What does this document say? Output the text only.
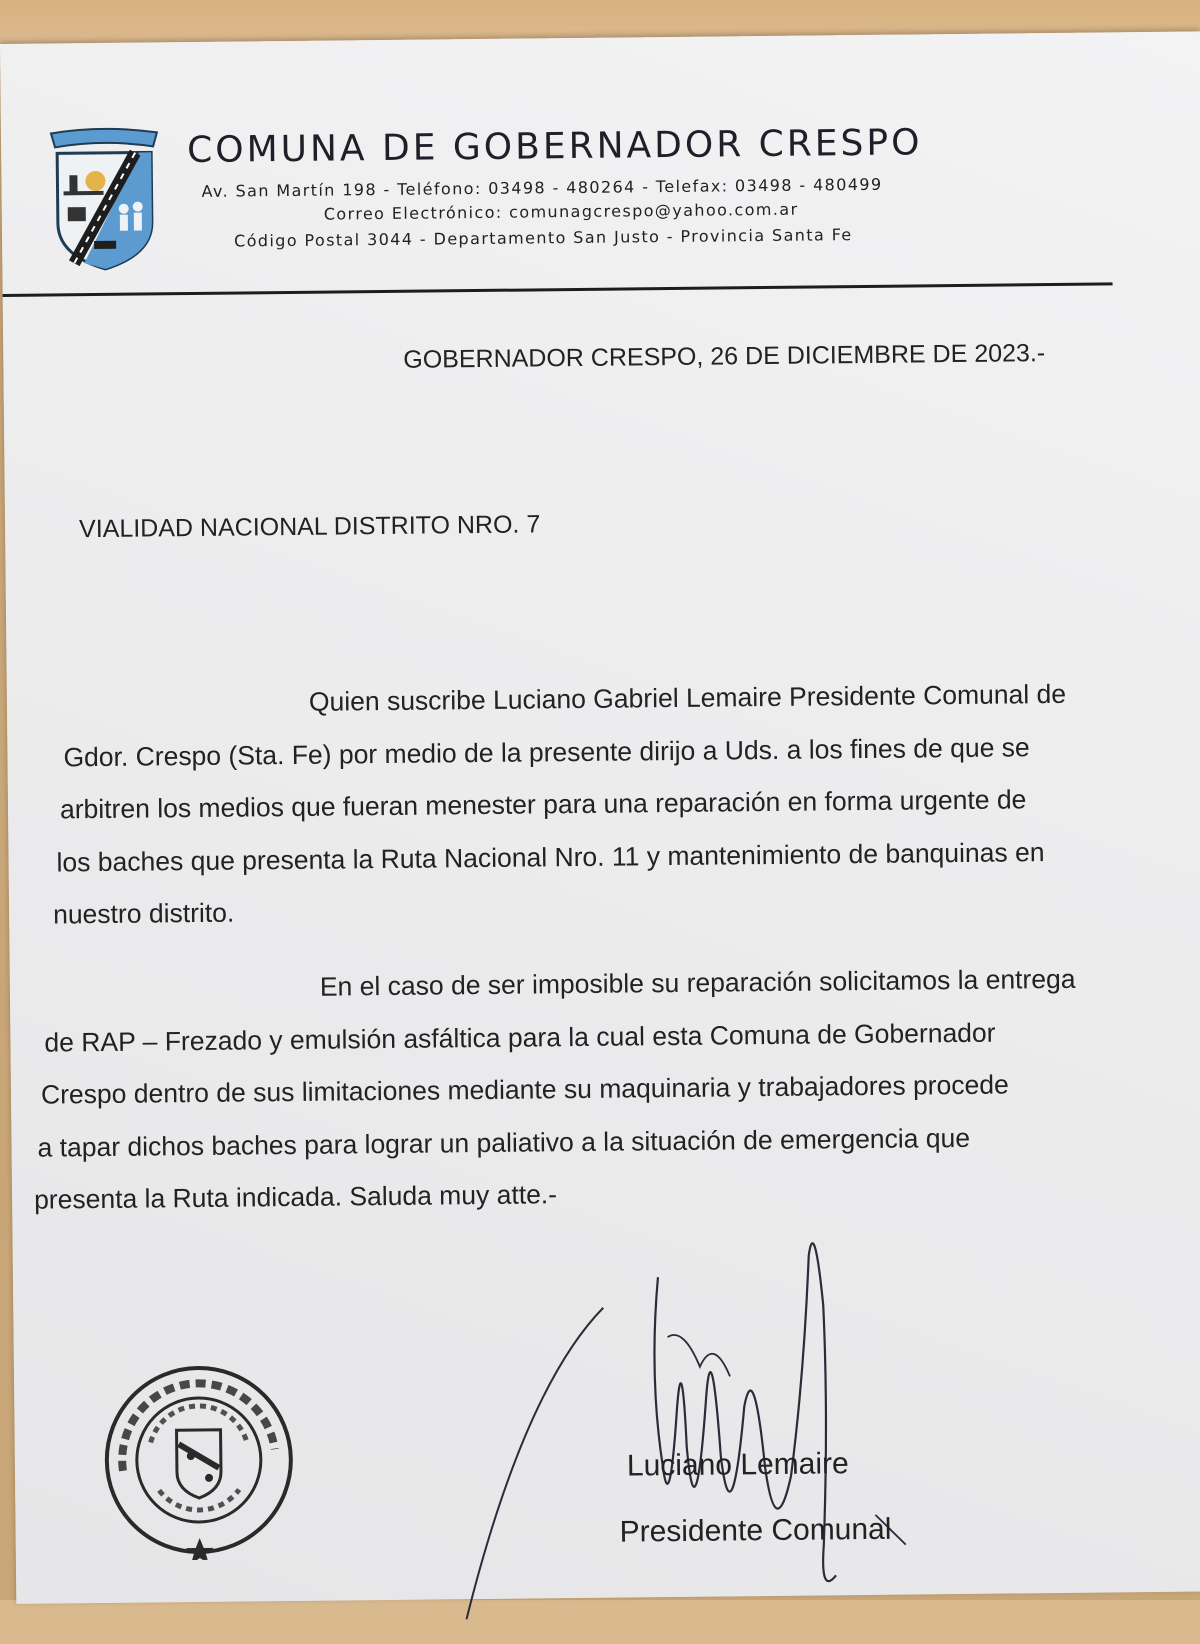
COMUNA DE GOBERNADOR CRESPO
Av. San Martín 198 - Teléfono: 03498 - 480264 - Telefax: 03498 - 480499
Correo Electrónico: comunagcrespo@yahoo.com.ar
Código Postal 3044 - Departamento San Justo - Provincia Santa Fe
GOBERNADOR CRESPO, 26 DE DICIEMBRE DE 2023.-
VIALIDAD NACIONAL DISTRITO NRO. 7
Quien suscribe Luciano Gabriel Lemaire Presidente Comunal de
Gdor. Crespo (Sta. Fe) por medio de la presente dirijo a Uds. a los fines de que se
arbitren los medios que fueran menester para una reparación en forma urgente de
los baches que presenta la Ruta Nacional Nro. 11 y mantenimiento de banquinas en
nuestro distrito.
En el caso de ser imposible su reparación solicitamos la entrega
de RAP – Frezado y emulsión asfáltica para la cual esta Comuna de Gobernador
Crespo dentro de sus limitaciones mediante su maquinaria y trabajadores procede
a tapar dichos baches para lograr un paliativo a la situación de emergencia que
presenta la Ruta indicada. Saluda muy atte.-
Luciano Lemaire
Presidente Comunal
